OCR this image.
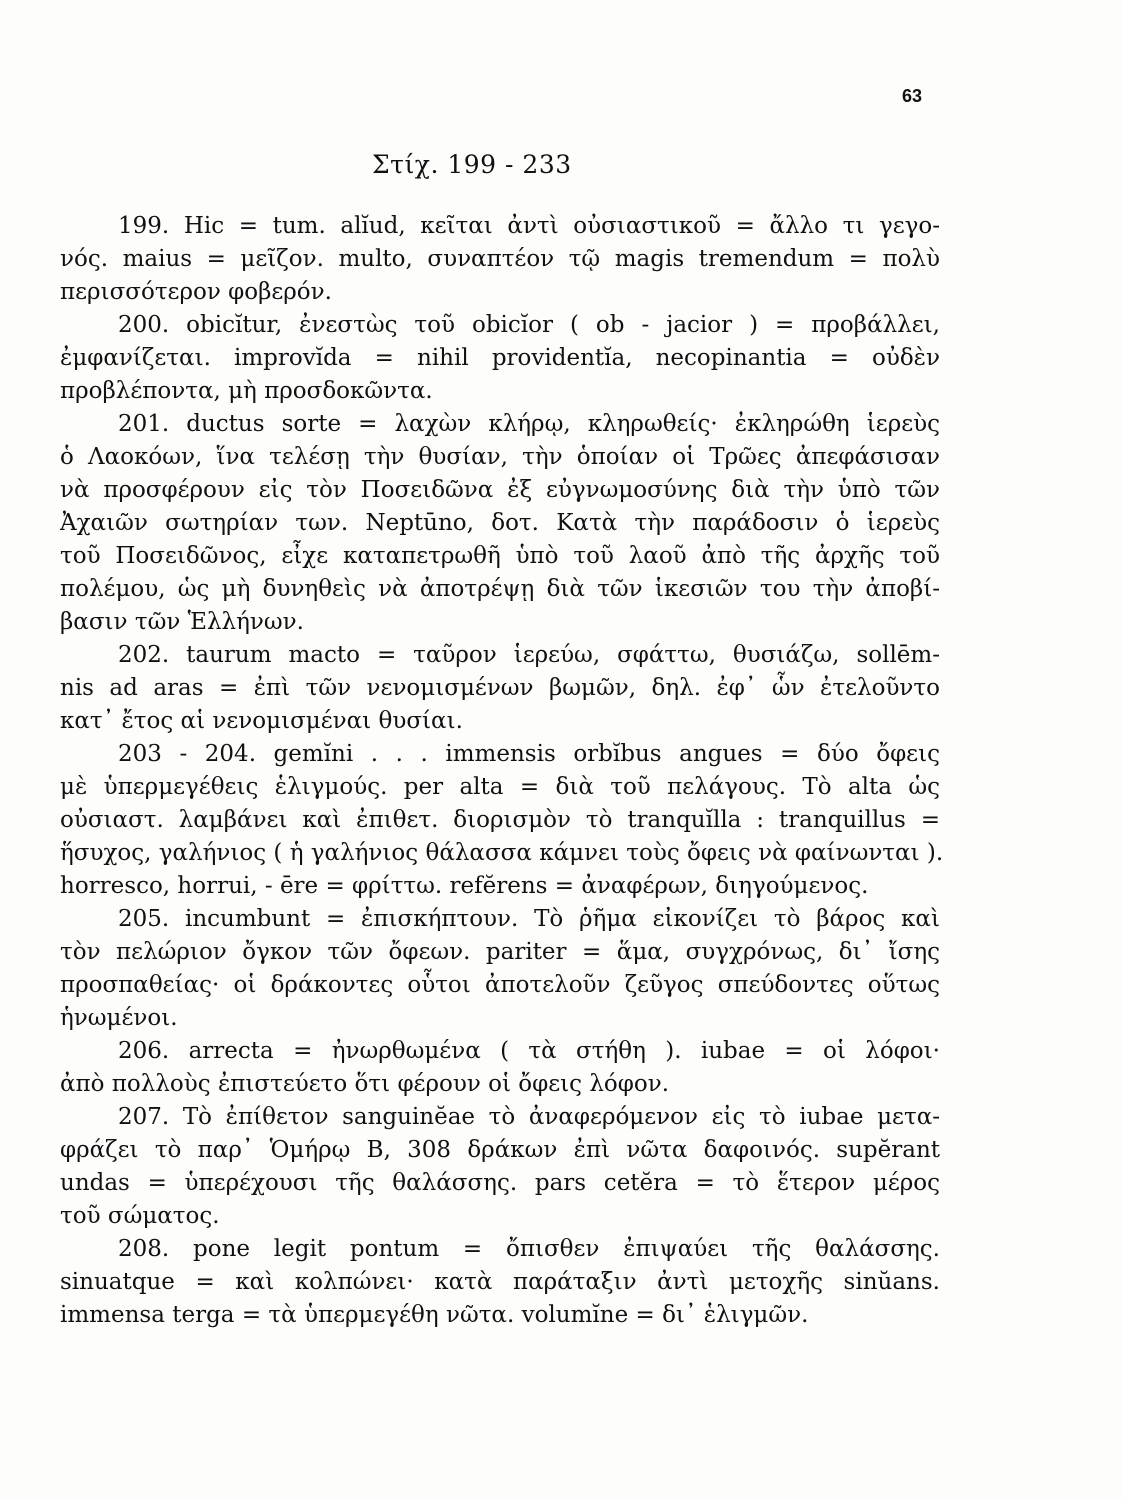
63
Στίχ. 199 - 233
199. Hic = tum. alĭud, κεῖται ἀντὶ οὐσιαστικοῦ = ἄλλο τι γεγο-
νός. maius = μεῖζον. multo, συναπτέον τῷ magis tremendum = πολὺ
περισσότερον φοβερόν.
200. obicĭtur, ἐνεστὼς τοῦ obicĭor ( ob - jacior ) = προβάλλει,
ἐμφανίζεται. improvĭda = nihil providentĭa, necopinantia = οὐδὲν
προβλέποντα, μὴ προσδοκῶντα.
201. ductus sorte = λαχὼν κλήρῳ, κληρωθείς· ἐκληρώθη ἱερεὺς
ὁ Λαοκόων, ἵνα τελέσῃ τὴν θυσίαν, τὴν ὁποίαν οἱ Τρῶες ἀπεφάσισαν
νὰ προσφέρουν εἰς τὸν Ποσειδῶνα ἐξ εὐγνωμοσύνης διὰ τὴν ὑπὸ τῶν
Ἀχαιῶν σωτηρίαν των. Neptūno, δοτ. Κατὰ τὴν παράδοσιν ὁ ἱερεὺς
τοῦ Ποσειδῶνος, εἶχε καταπετρωθῆ ὑπὸ τοῦ λαοῦ ἀπὸ τῆς ἀρχῆς τοῦ
πολέμου, ὡς μὴ δυνηθεὶς νὰ ἀποτρέψῃ διὰ τῶν ἱκεσιῶν του τὴν ἀποβί-
βασιν τῶν Ἑλλήνων.
202. taurum macto = ταῦρον ἱερεύω, σφάττω, θυσιάζω, sollēm-
nis ad aras = ἐπὶ τῶν νενομισμένων βωμῶν, δηλ. ἐφ᾿ ὧν ἐτελοῦντο
κατ᾿ ἔτος αἱ νενομισμέναι θυσίαι.
203 - 204. gemĭni . . . immensis orbĭbus angues = δύο ὄφεις
μὲ ὑπερμεγέθεις ἑλιγμούς. per alta = διὰ τοῦ πελάγους. Τὸ alta ὡς
οὐσιαστ. λαμβάνει καὶ ἐπιθετ. διορισμὸν τὸ tranquĭlla : tranquillus =
ἥσυχος, γαλήνιος ( ἡ γαλήνιος θάλασσα κάμνει τοὺς ὄφεις νὰ φαίνωνται ).
horresco, horrui, - ēre = φρίττω. refĕrens = ἀναφέρων, διηγούμενος.
205. incumbunt = ἐπισκήπτουν. Τὸ ῥῆμα εἰκονίζει τὸ βάρος καὶ
τὸν πελώριον ὄγκον τῶν ὄφεων. pariter = ἅμα, συγχρόνως, δι᾿ ἴσης
προσπαθείας· οἱ δράκοντες οὗτοι ἀποτελοῦν ζεῦγος σπεύδοντες οὕτως
ἡνωμένοι.
206. arrecta = ἠνωρθωμένα ( τὰ στήθη ). iubae = οἱ λόφοι·
ἀπὸ πολλοὺς ἐπιστεύετο ὅτι φέρουν οἱ ὄφεις λόφον.
207. Τὸ ἐπίθετον sanguinĕae τὸ ἀναφερόμενον εἰς τὸ iubae μετα-
φράζει τὸ παρ᾿ Ὁμήρῳ Β, 308 δράκων ἐπὶ νῶτα δαφοινός. supĕrant
undas = ὑπερέχουσι τῆς θαλάσσης. pars cetĕra = τὸ ἕτερον μέρος
τοῦ σώματος.
208. pone legit pontum = ὄπισθεν ἐπιψαύει τῆς θαλάσσης.
sinuatque = καὶ κολπώνει· κατὰ παράταξιν ἀντὶ μετοχῆς sinŭans.
immensa terga = τὰ ὑπερμεγέθη νῶτα. volumĭne = δι᾿ ἑλιγμῶν.
